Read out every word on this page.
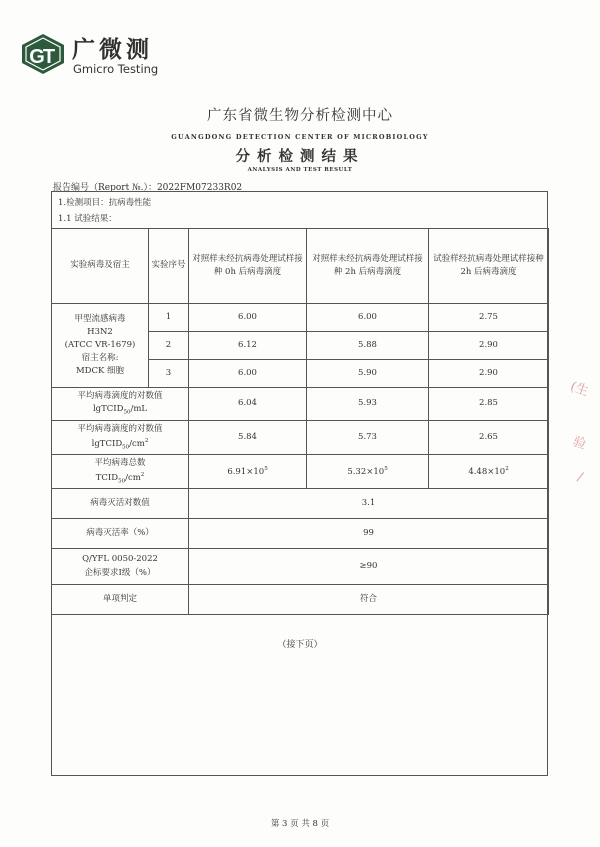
G
T 广微测
Gmicro Testing
广东省微生物分析检测中心
GUANGDONG DETECTION CENTER OF MICROBIOLOGY
分析检测结果
ANALYSIS AND TEST RESULT
报告编号（Report №.）：2022FM07233R02
1.检测项目：抗病毒性能
1.1 试验结果：
实验病毒及宿主	实验序号	对照样未经抗病毒处理试样接种 0h 后病毒滴度	对照样未经抗病毒处理试样接种 2h 后病毒滴度	试验样经抗病毒处理试样接种 2h 后病毒滴度

甲型流感病毒
H3N2
(ATCC VR-1679)
宿主名称:
MDCK 细胞	1	6.00	6.00	2.75
	2	6.12	5.88	2.90
	3	6.00	5.90	2.90

平均病毒滴度的对数值
lgTCID$_{50}$/mL		6.04	5.93	2.85

平均病毒滴度的对数值
$lgTCID_{50}/cm^2$		5.84	5.73	2.65

平均病毒总数
$TCID_{50}/cm^2$		$6.91\times 10^5$	$5.32\times 10^5$	$4.48\times 10^2$
病毒灭活对数值		3.1		
病毒灭活率（%）		99		

Q/YFL 0050-2022
企标要求Ⅰ级（%）		≥90		
单项判定		符合		
（接下页）
第 3 页 共 8 页
(生
验
/
